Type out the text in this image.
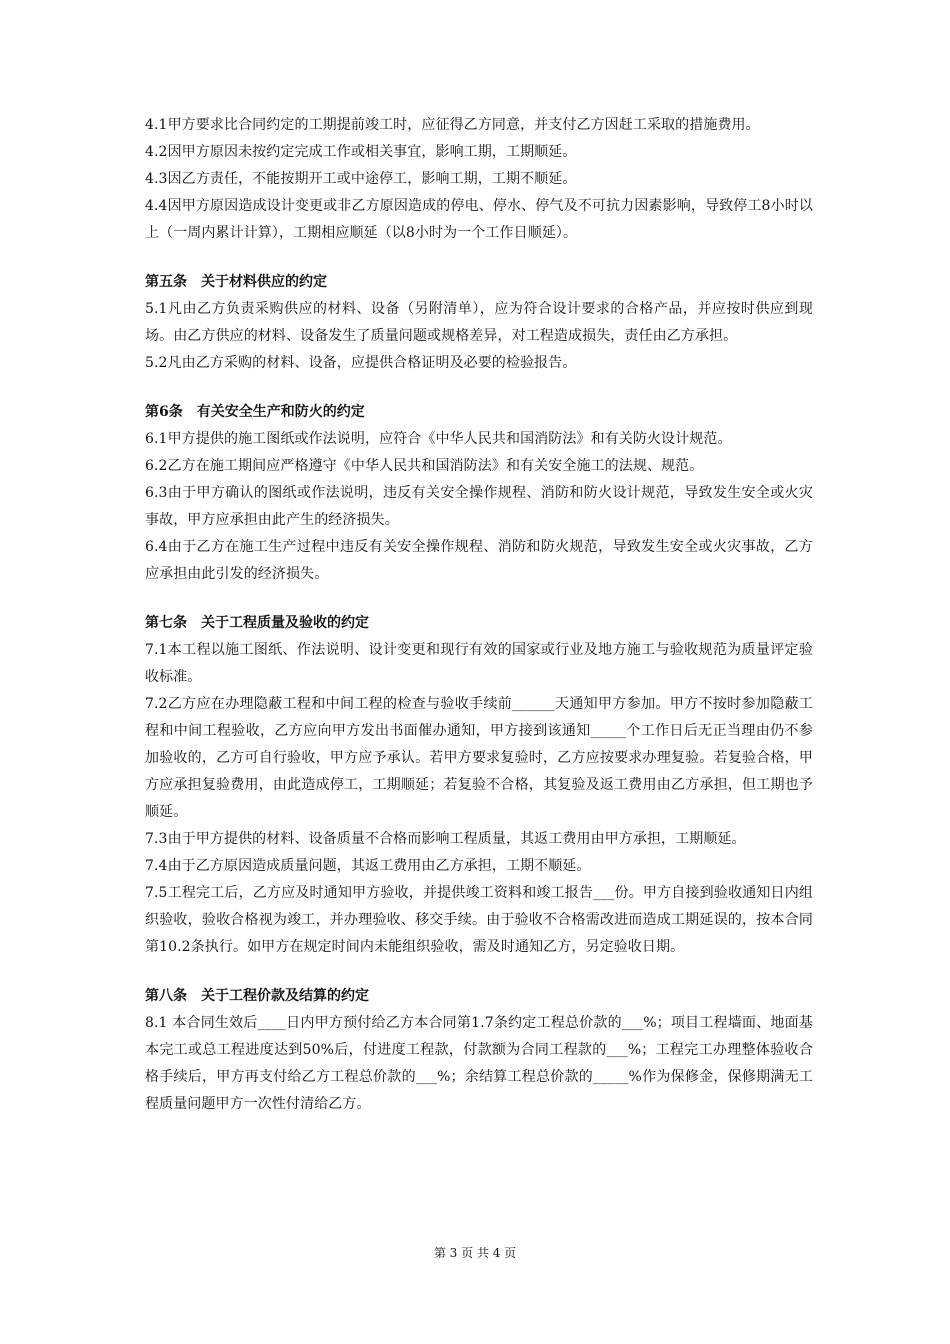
4.1甲方要求比合同约定的工期提前竣工时，应征得乙方同意，并支付乙方因赶工采取的措施费用。

4.2因甲方原因未按约定完成工作或相关事宜，影响工期，工期顺延。

4.3因乙方责任，不能按期开工或中途停工，影响工期，工期不顺延。

4.4因甲方原因造成设计变更或非乙方原因造成的停电、停水、停气及不可抗力因素影响，导致停工8小时以上（一周内累计计算），工期相应顺延（以8小时为一个工作日顺延）。

第五条　关于材料供应的约定

5.1凡由乙方负责采购供应的材料、设备（另附清单），应为符合设计要求的合格产品，并应按时供应到现场。由乙方供应的材料、设备发生了质量问题或规格差异，对工程造成损失，责任由乙方承担。

5.2凡由乙方采购的材料、设备，应提供合格证明及必要的检验报告。

第6条　有关安全生产和防火的约定

6.1甲方提供的施工图纸或作法说明，应符合《中华人民共和国消防法》和有关防火设计规范。

6.2乙方在施工期间应严格遵守《中华人民共和国消防法》和有关安全施工的法规、规范。

6.3由于甲方确认的图纸或作法说明，违反有关安全操作规程、消防和防火设计规范，导致发生安全或火灾事故，甲方应承担由此产生的经济损失。

6.4由于乙方在施工生产过程中违反有关安全操作规程、消防和防火规范，导致发生安全或火灾事故，乙方应承担由此引发的经济损失。

第七条　关于工程质量及验收的约定

7.1本工程以施工图纸、作法说明、设计变更和现行有效的国家或行业及地方施工与验收规范为质量评定验收标准。

7.2乙方应在办理隐蔽工程和中间工程的检查与验收手续前______天通知甲方参加。甲方不按时参加隐蔽工程和中间工程验收，乙方应向甲方发出书面催办通知，甲方接到该通知_____个工作日后无正当理由仍不参加验收的，乙方可自行验收，甲方应予承认。若甲方要求复验时，乙方应按要求办理复验。若复验合格，甲方应承担复验费用，由此造成停工，工期顺延；若复验不合格，其复验及返工费用由乙方承担，但工期也予顺延。

7.3由于甲方提供的材料、设备质量不合格而影响工程质量，其返工费用由甲方承担，工期顺延。

7.4由于乙方原因造成质量问题，其返工费用由乙方承担，工期不顺延。

7.5工程完工后，乙方应及时通知甲方验收，并提供竣工资料和竣工报告___份。甲方自接到验收通知日内组织验收，验收合格视为竣工，并办理验收、移交手续。由于验收不合格需改进而造成工期延误的，按本合同第10.2条执行。如甲方在规定时间内未能组织验收，需及时通知乙方，另定验收日期。

第八条　关于工程价款及结算的约定

8.1 本合同生效后____日内甲方预付给乙方本合同第1.7条约定工程总价款的___%；项目工程墙面、地面基本完工或总工程进度达到50%后，付进度工程款，付款额为合同工程款的___%；工程完工办理整体验收合格手续后，甲方再支付给乙方工程总价款的___%；余结算工程总价款的_____%作为保修金，保修期满无工程质量问题甲方一次性付清给乙方。

第 3 页 共 4 页
